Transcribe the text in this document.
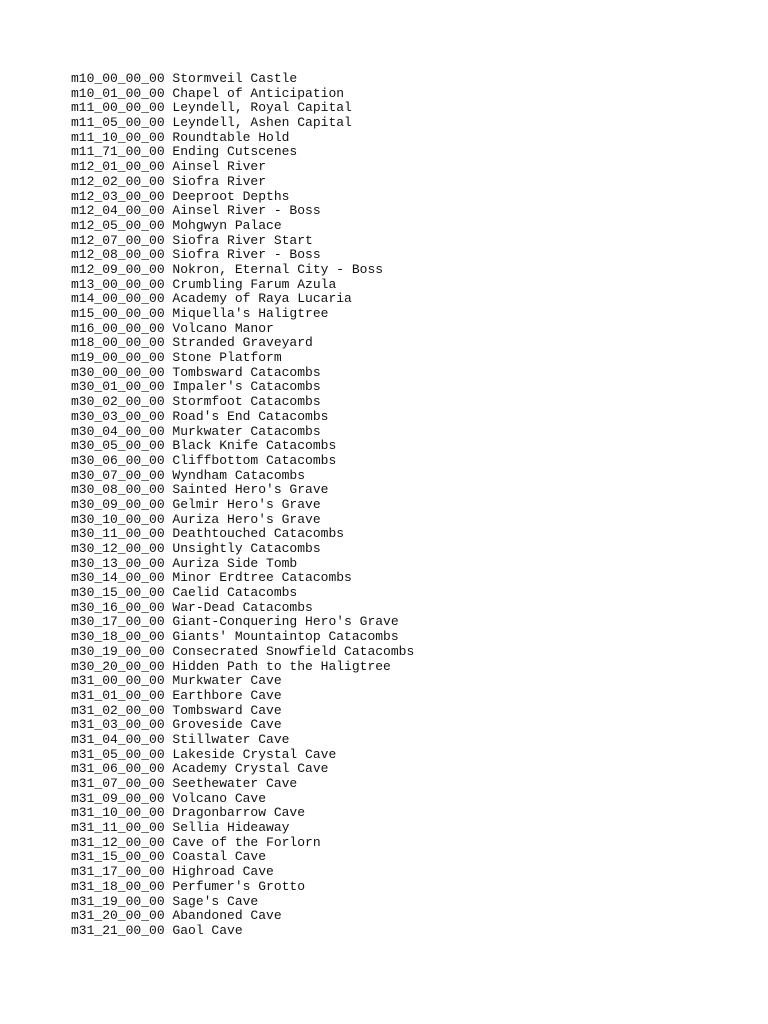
m10_00_00_00 Stormveil Castle
m10_01_00_00 Chapel of Anticipation
m11_00_00_00 Leyndell, Royal Capital
m11_05_00_00 Leyndell, Ashen Capital
m11_10_00_00 Roundtable Hold
m11_71_00_00 Ending Cutscenes
m12_01_00_00 Ainsel River
m12_02_00_00 Siofra River
m12_03_00_00 Deeproot Depths
m12_04_00_00 Ainsel River - Boss
m12_05_00_00 Mohgwyn Palace
m12_07_00_00 Siofra River Start
m12_08_00_00 Siofra River - Boss
m12_09_00_00 Nokron, Eternal City - Boss
m13_00_00_00 Crumbling Farum Azula
m14_00_00_00 Academy of Raya Lucaria
m15_00_00_00 Miquella's Haligtree
m16_00_00_00 Volcano Manor
m18_00_00_00 Stranded Graveyard
m19_00_00_00 Stone Platform
m30_00_00_00 Tombsward Catacombs
m30_01_00_00 Impaler's Catacombs
m30_02_00_00 Stormfoot Catacombs
m30_03_00_00 Road's End Catacombs
m30_04_00_00 Murkwater Catacombs
m30_05_00_00 Black Knife Catacombs
m30_06_00_00 Cliffbottom Catacombs
m30_07_00_00 Wyndham Catacombs
m30_08_00_00 Sainted Hero's Grave
m30_09_00_00 Gelmir Hero's Grave
m30_10_00_00 Auriza Hero's Grave
m30_11_00_00 Deathtouched Catacombs
m30_12_00_00 Unsightly Catacombs
m30_13_00_00 Auriza Side Tomb
m30_14_00_00 Minor Erdtree Catacombs
m30_15_00_00 Caelid Catacombs
m30_16_00_00 War-Dead Catacombs
m30_17_00_00 Giant-Conquering Hero's Grave
m30_18_00_00 Giants' Mountaintop Catacombs
m30_19_00_00 Consecrated Snowfield Catacombs
m30_20_00_00 Hidden Path to the Haligtree
m31_00_00_00 Murkwater Cave
m31_01_00_00 Earthbore Cave
m31_02_00_00 Tombsward Cave
m31_03_00_00 Groveside Cave
m31_04_00_00 Stillwater Cave
m31_05_00_00 Lakeside Crystal Cave
m31_06_00_00 Academy Crystal Cave
m31_07_00_00 Seethewater Cave
m31_09_00_00 Volcano Cave
m31_10_00_00 Dragonbarrow Cave
m31_11_00_00 Sellia Hideaway
m31_12_00_00 Cave of the Forlorn
m31_15_00_00 Coastal Cave
m31_17_00_00 Highroad Cave
m31_18_00_00 Perfumer's Grotto
m31_19_00_00 Sage's Cave
m31_20_00_00 Abandoned Cave
m31_21_00_00 Gaol Cave
